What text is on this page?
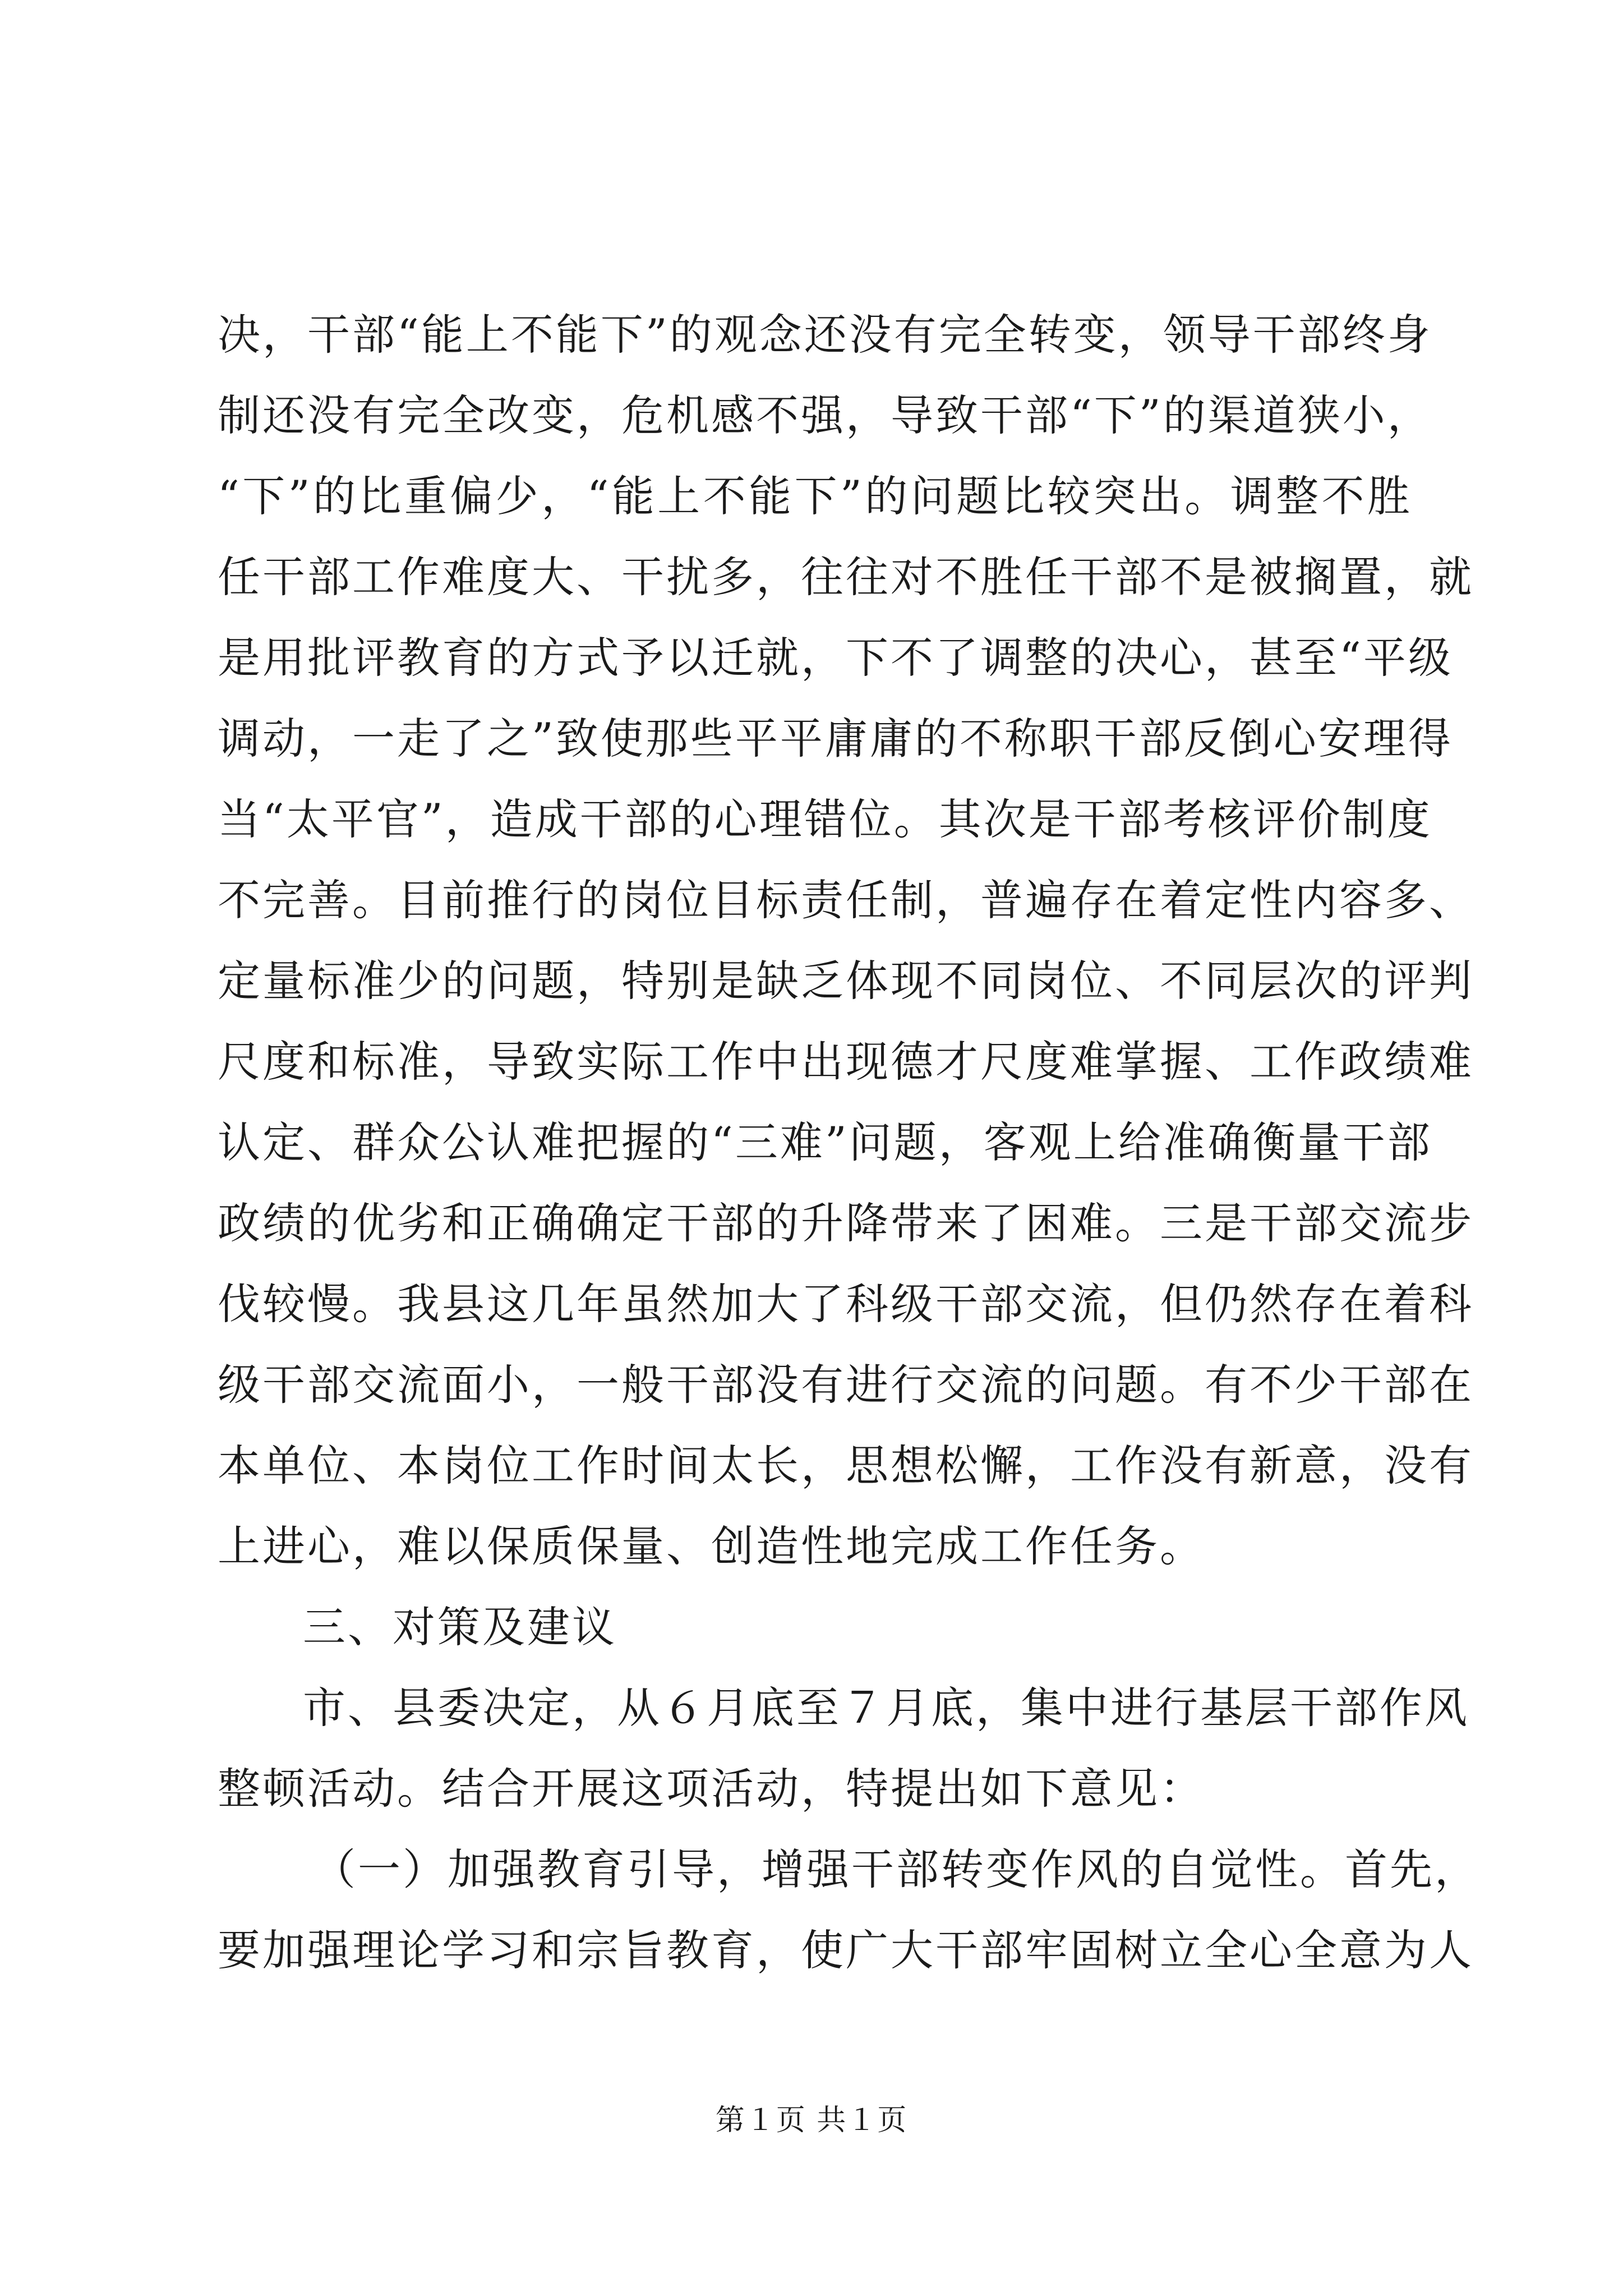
决，干部“能上不能下”的观念还没有完全转变，领导干部终身
制还没有完全改变，危机感不强，导致干部“下”的渠道狭小，
“下”的比重偏少，“能上不能下”的问题比较突出。调整不胜
任干部工作难度大、干扰多，往往对不胜任干部不是被搁置，就
是用批评教育的方式予以迁就，下不了调整的决心，甚至“平级
调动，一走了之”致使那些平平庸庸的不称职干部反倒心安理得
当“太平官”，造成干部的心理错位。其次是干部考核评价制度
不完善。目前推行的岗位目标责任制，普遍存在着定性内容多、
定量标准少的问题，特别是缺乏体现不同岗位、不同层次的评判
尺度和标准，导致实际工作中出现德才尺度难掌握、工作政绩难
认定、群众公认难把握的“三难”问题，客观上给准确衡量干部
政绩的优劣和正确确定干部的升降带来了困难。三是干部交流步
伐较慢。我县这几年虽然加大了科级干部交流，但仍然存在着科
级干部交流面小，一般干部没有进行交流的问题。有不少干部在
本单位、本岗位工作时间太长，思想松懈，工作没有新意，没有
上进心，难以保质保量、创造性地完成工作任务。
三、对策及建议
市、县委决定，从６月底至７月底，集中进行基层干部作风
整顿活动。结合开展这项活动，特提出如下意见：
（一）加强教育引导，增强干部转变作风的自觉性。首先，
要加强理论学习和宗旨教育，使广大干部牢固树立全心全意为人
第１页 共１页
